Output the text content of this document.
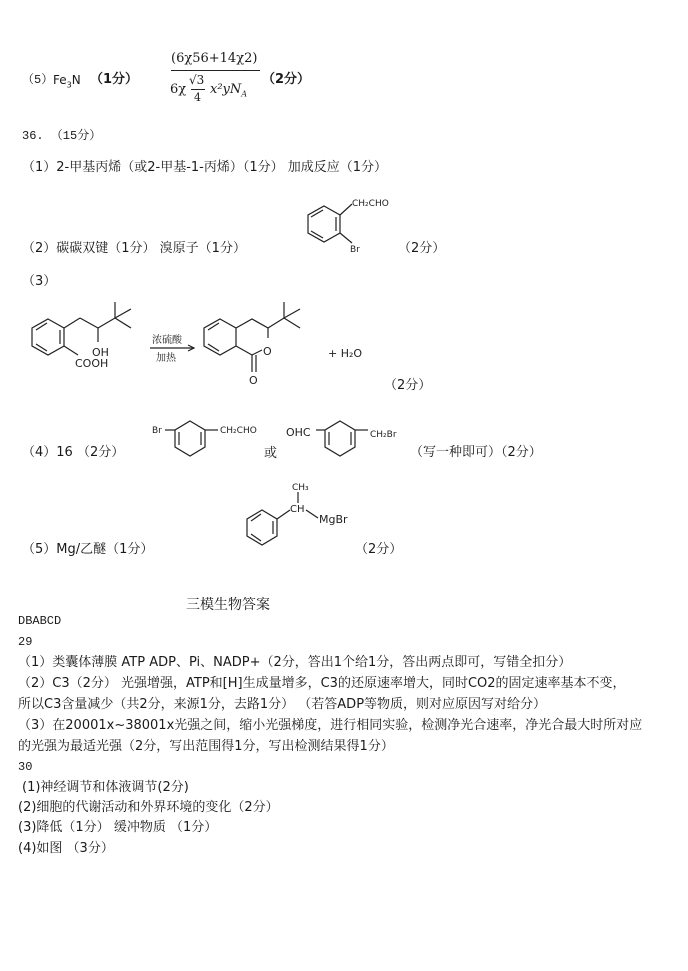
（5） $Fe_3N$ （1分）
(6χ56+14χ2)
6χ
√3
4
$x^2yN_A$
（2分）
36. （15分）
（1）2-甲基丙烯（或2-甲基-1-丙烯）（1分） 加成反应（1分）
（2）碳碳双键（1分） 溴原子（1分）
CH₂CHO
Br	（2分）
（3）
OH
COOH
浓硫酸
加热
O
O
+ H₂O
（2分）
（4）16 （2分）
Br	CH₂CHO	OHC	CH₂Br
或	（写一种即可）（2分）
（5）Mg/乙醚（1分）
CH₃
CH
MgBr
（2分）
三模生物答案
DBABCD
29
（1）类囊体薄膜 ATP ADP、Pi、NADP+（2分，答出1个给1分，答出两点即可，写错全扣分）
（2）C3（2分） 光强增强，ATP和[H]生成量增多，C3的还原速率增大，同时CO2的固定速率基本不变，
所以C3含量减少（共2分，来源1分，去路1分） （若答ADP等物质，则对应原因写对给分）
（3）在20001x~38001x光强之间，缩小光强梯度，进行相同实验，检测净光合速率，净光合最大时所对应
的光强为最适光强（2分，写出范围得1分，写出检测结果得1分）
30
(1)神经调节和体液调节(2分)
(2)细胞的代谢活动和外界环境的变化（2分）
(3)降低（1分） 缓冲物质 （1分）
(4)如图 （3分）
